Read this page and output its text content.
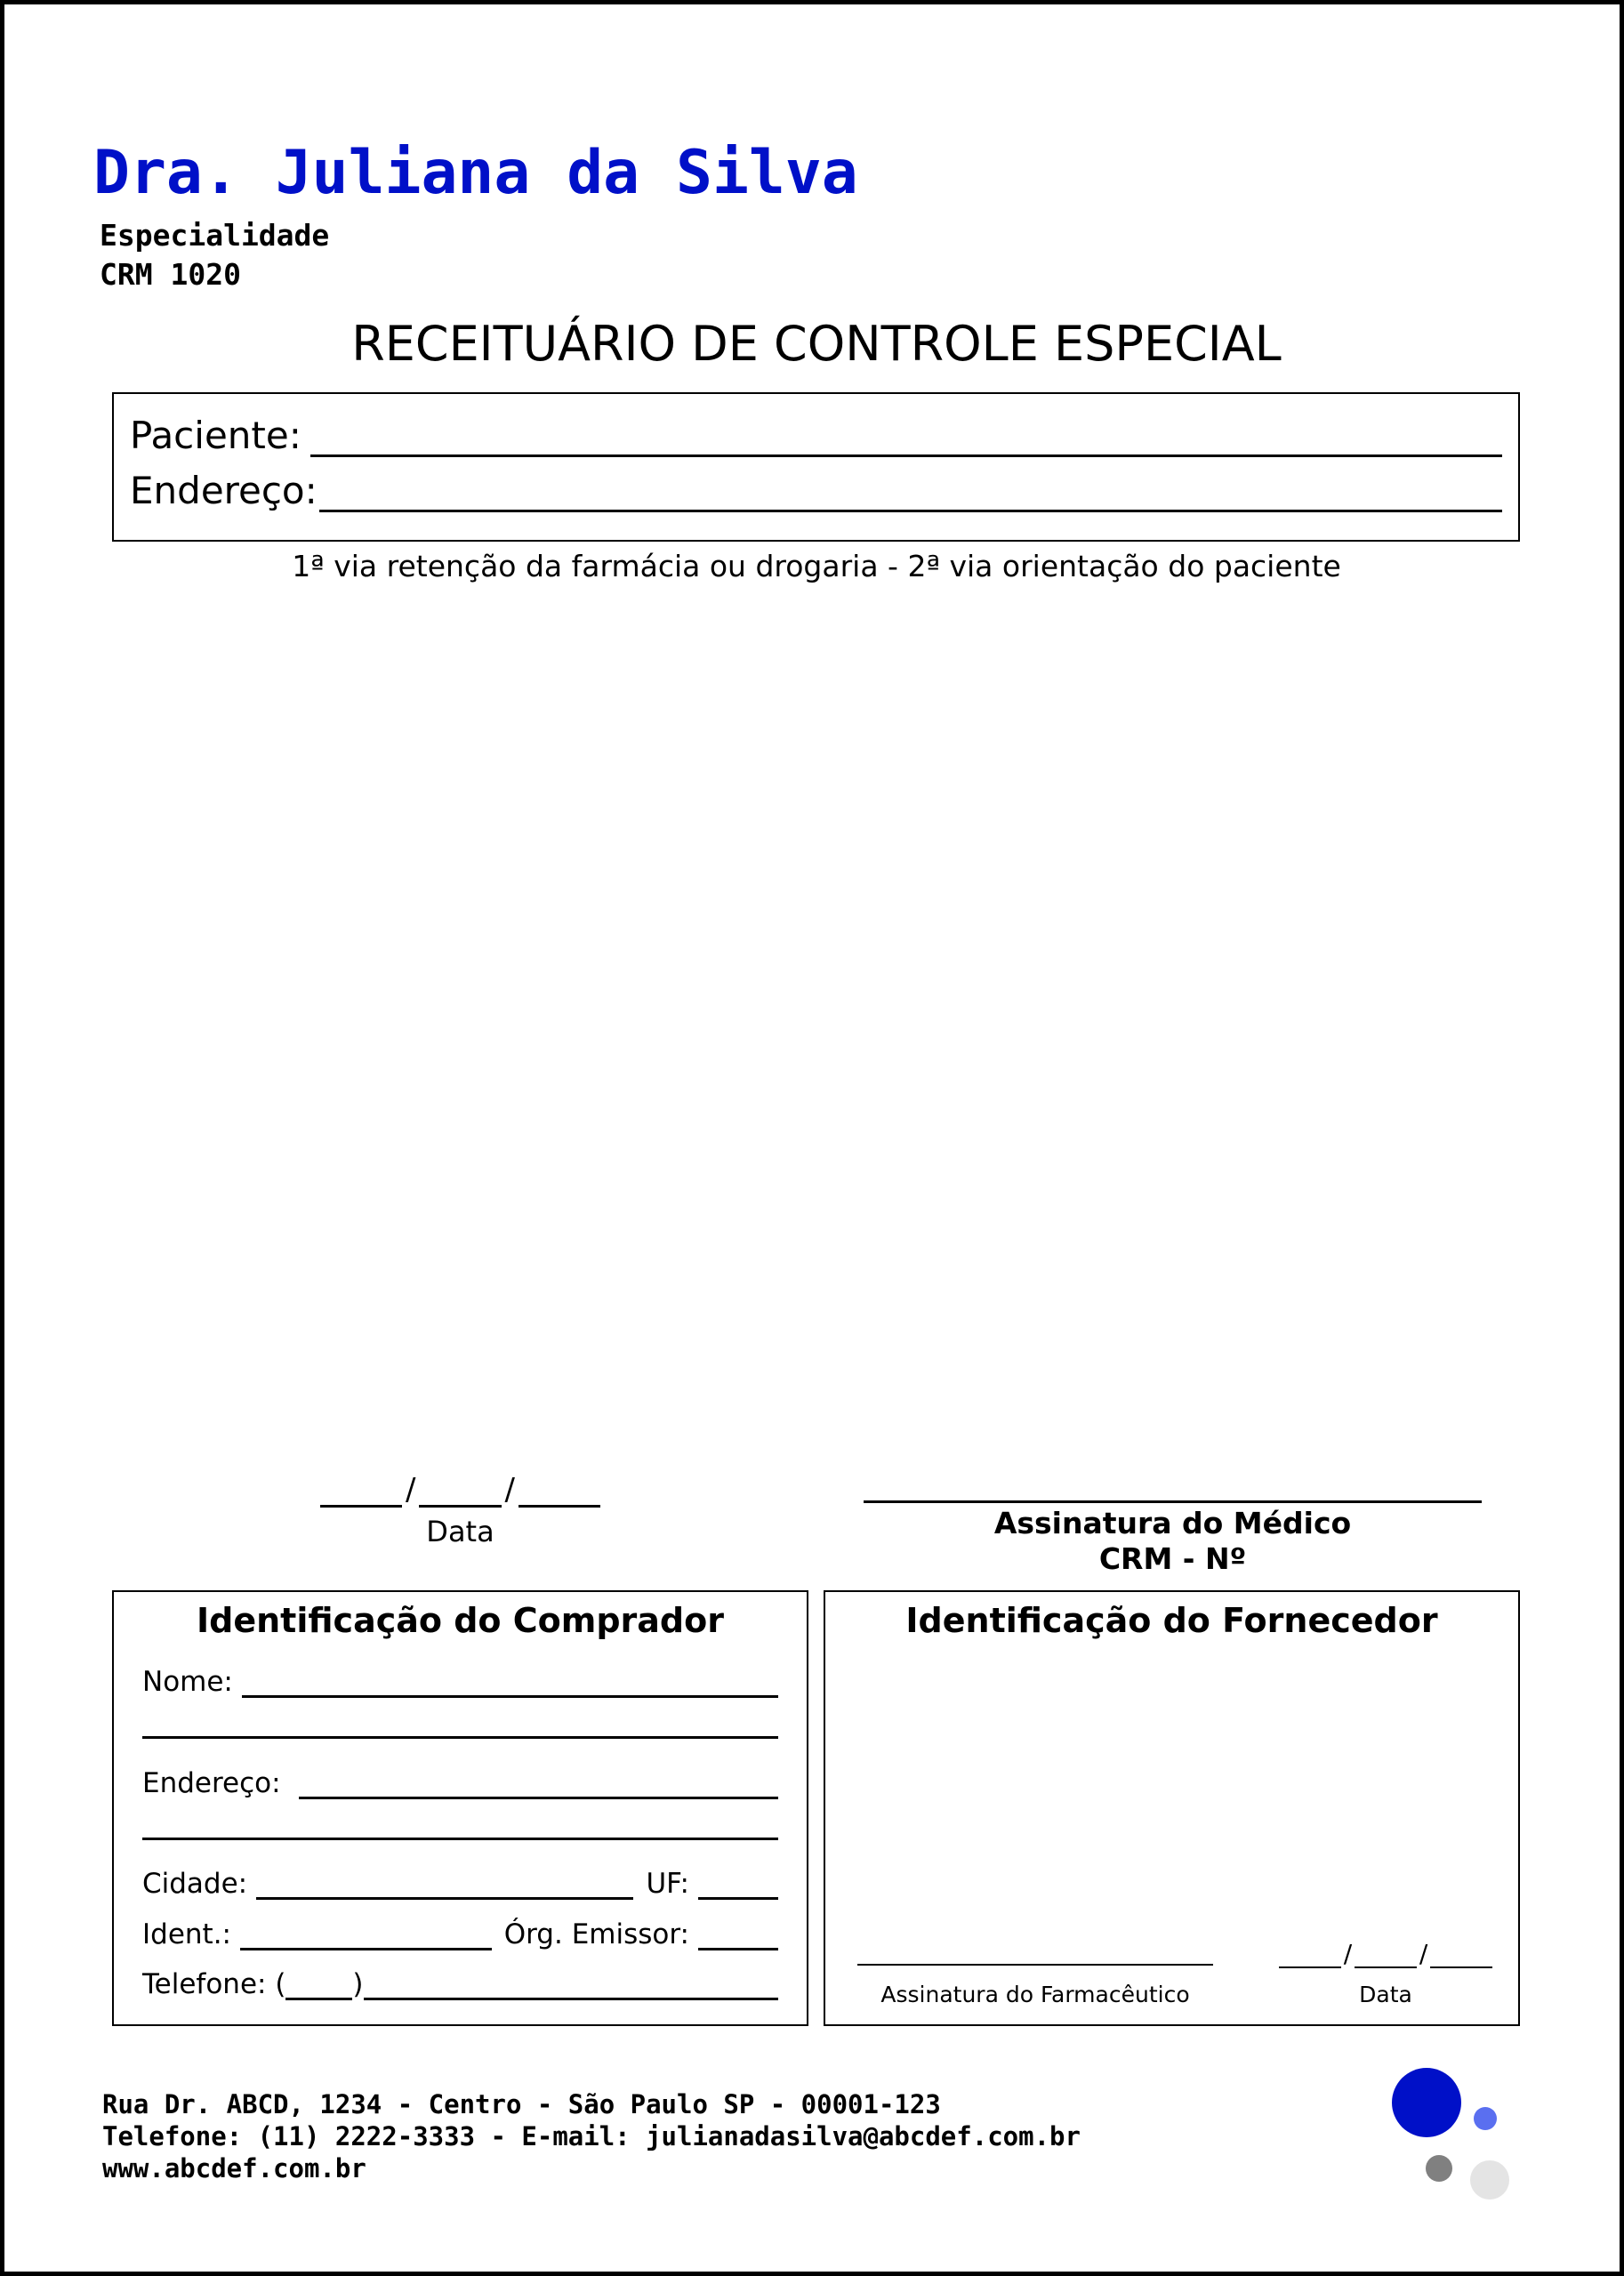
Dra. Juliana da Silva
Especialidade
CRM 1020
RECEITUÁRIO DE CONTROLE ESPECIAL
Paciente:
Endereço:
1ª via retenção da farmácia ou drogaria - 2ª via orientação do paciente
/	/
Data	Assinatura do Médico
CRM - Nº
Identificação do Comprador
Nome:
Endereço:
Cidade:	UF:
Ident.:	Órg. Emissor:
Telefone: ( )
Identificação do Fornecedor
Assinatura do Farmacêutico
/	/
Data
Rua Dr. ABCD, 1234 - Centro - São Paulo SP - 00001-123
Telefone: (11) 2222-3333 - E-mail: julianadasilva@abcdef.com.br
www.abcdef.com.br
